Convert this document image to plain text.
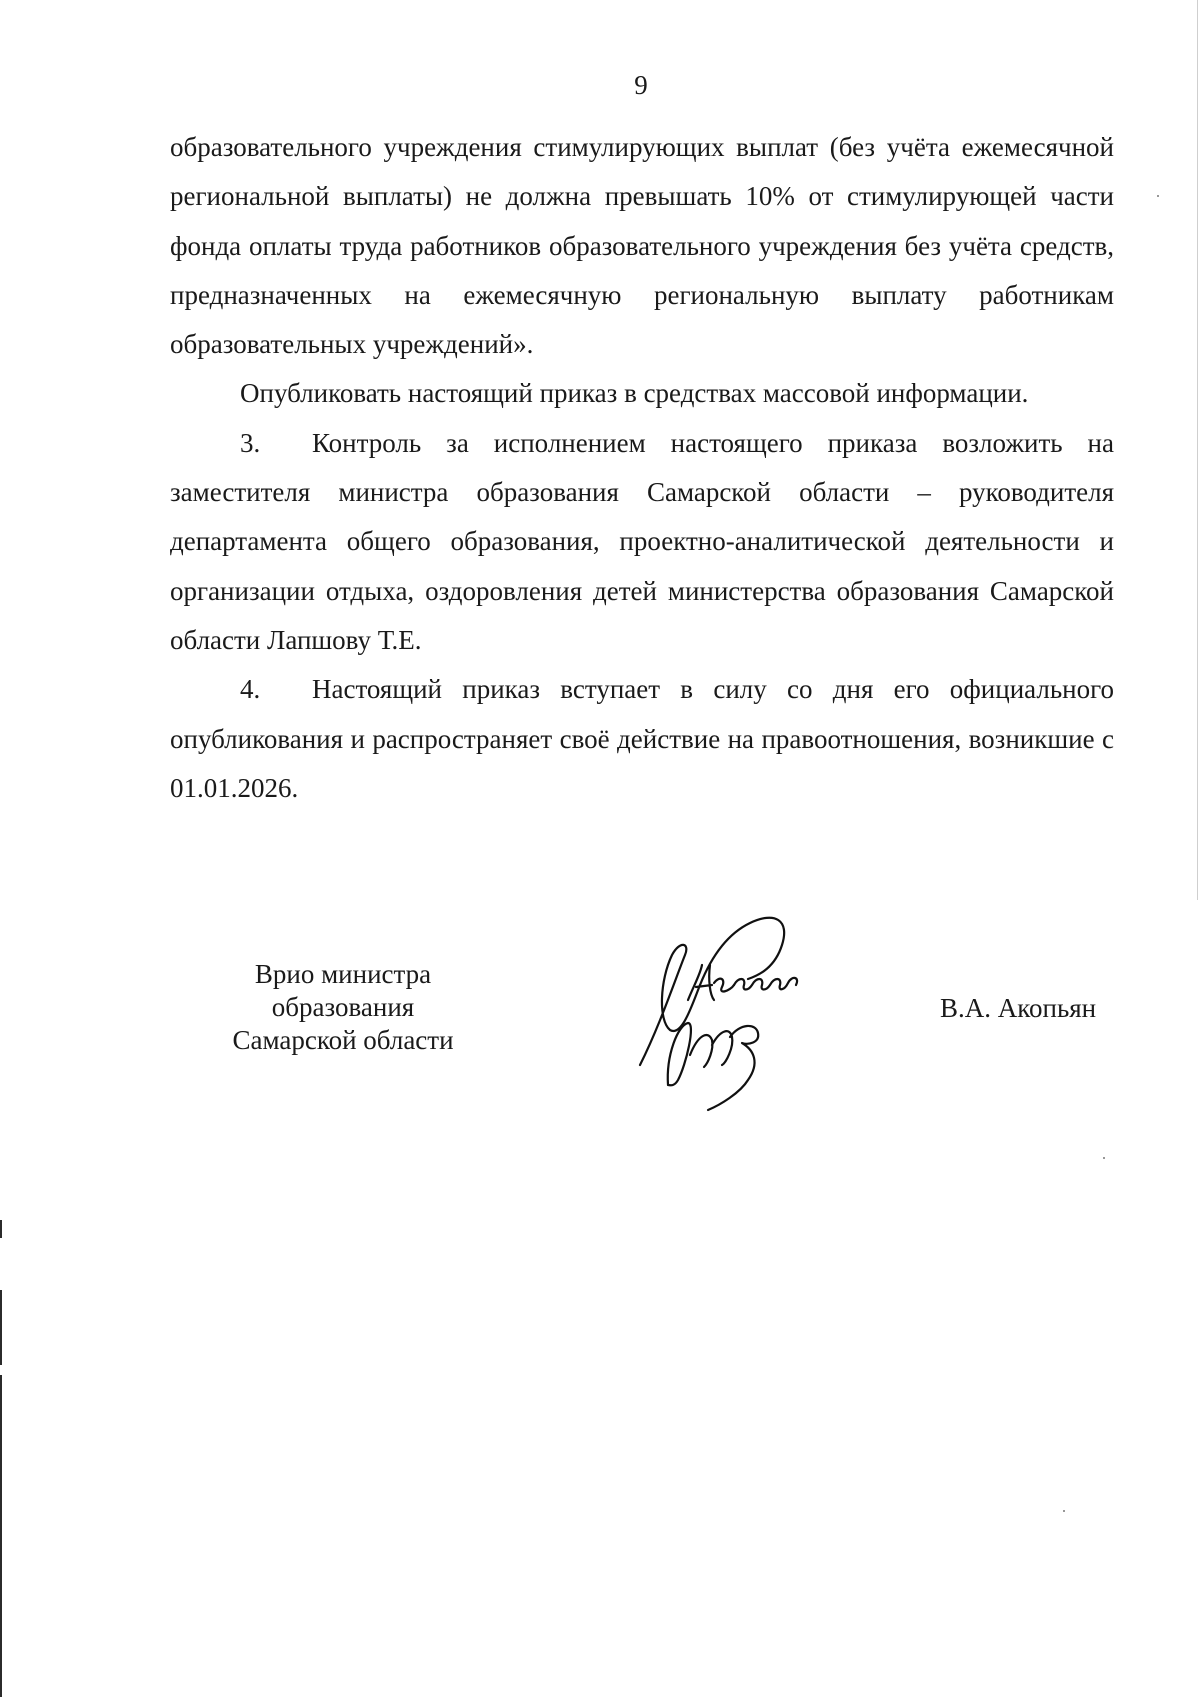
9

образовательного учреждения стимулирующих выплат (без учёта ежемесячной региональной выплаты) не должна превышать 10% от стимулирующей части фонда оплаты труда работников образовательного учреждения без учёта средств, предназначенных на ежемесячную региональную выплату работникам образовательных учреждений».

Опубликовать настоящий приказ в средствах массовой информации.

3. Контроль за исполнением настоящего приказа возложить на заместителя министра образования Самарской области – руководителя департамента общего образования, проектно-аналитической деятельности и организации отдыха, оздоровления детей министерства образования Самарской области Лапшову Т.Е.

4. Настоящий приказ вступает в силу со дня его официального опубликования и распространяет своё действие на правоотношения, возникшие с 01.01.2026.

Врио министра
образования
Самарской области
В.А. Акопьян
